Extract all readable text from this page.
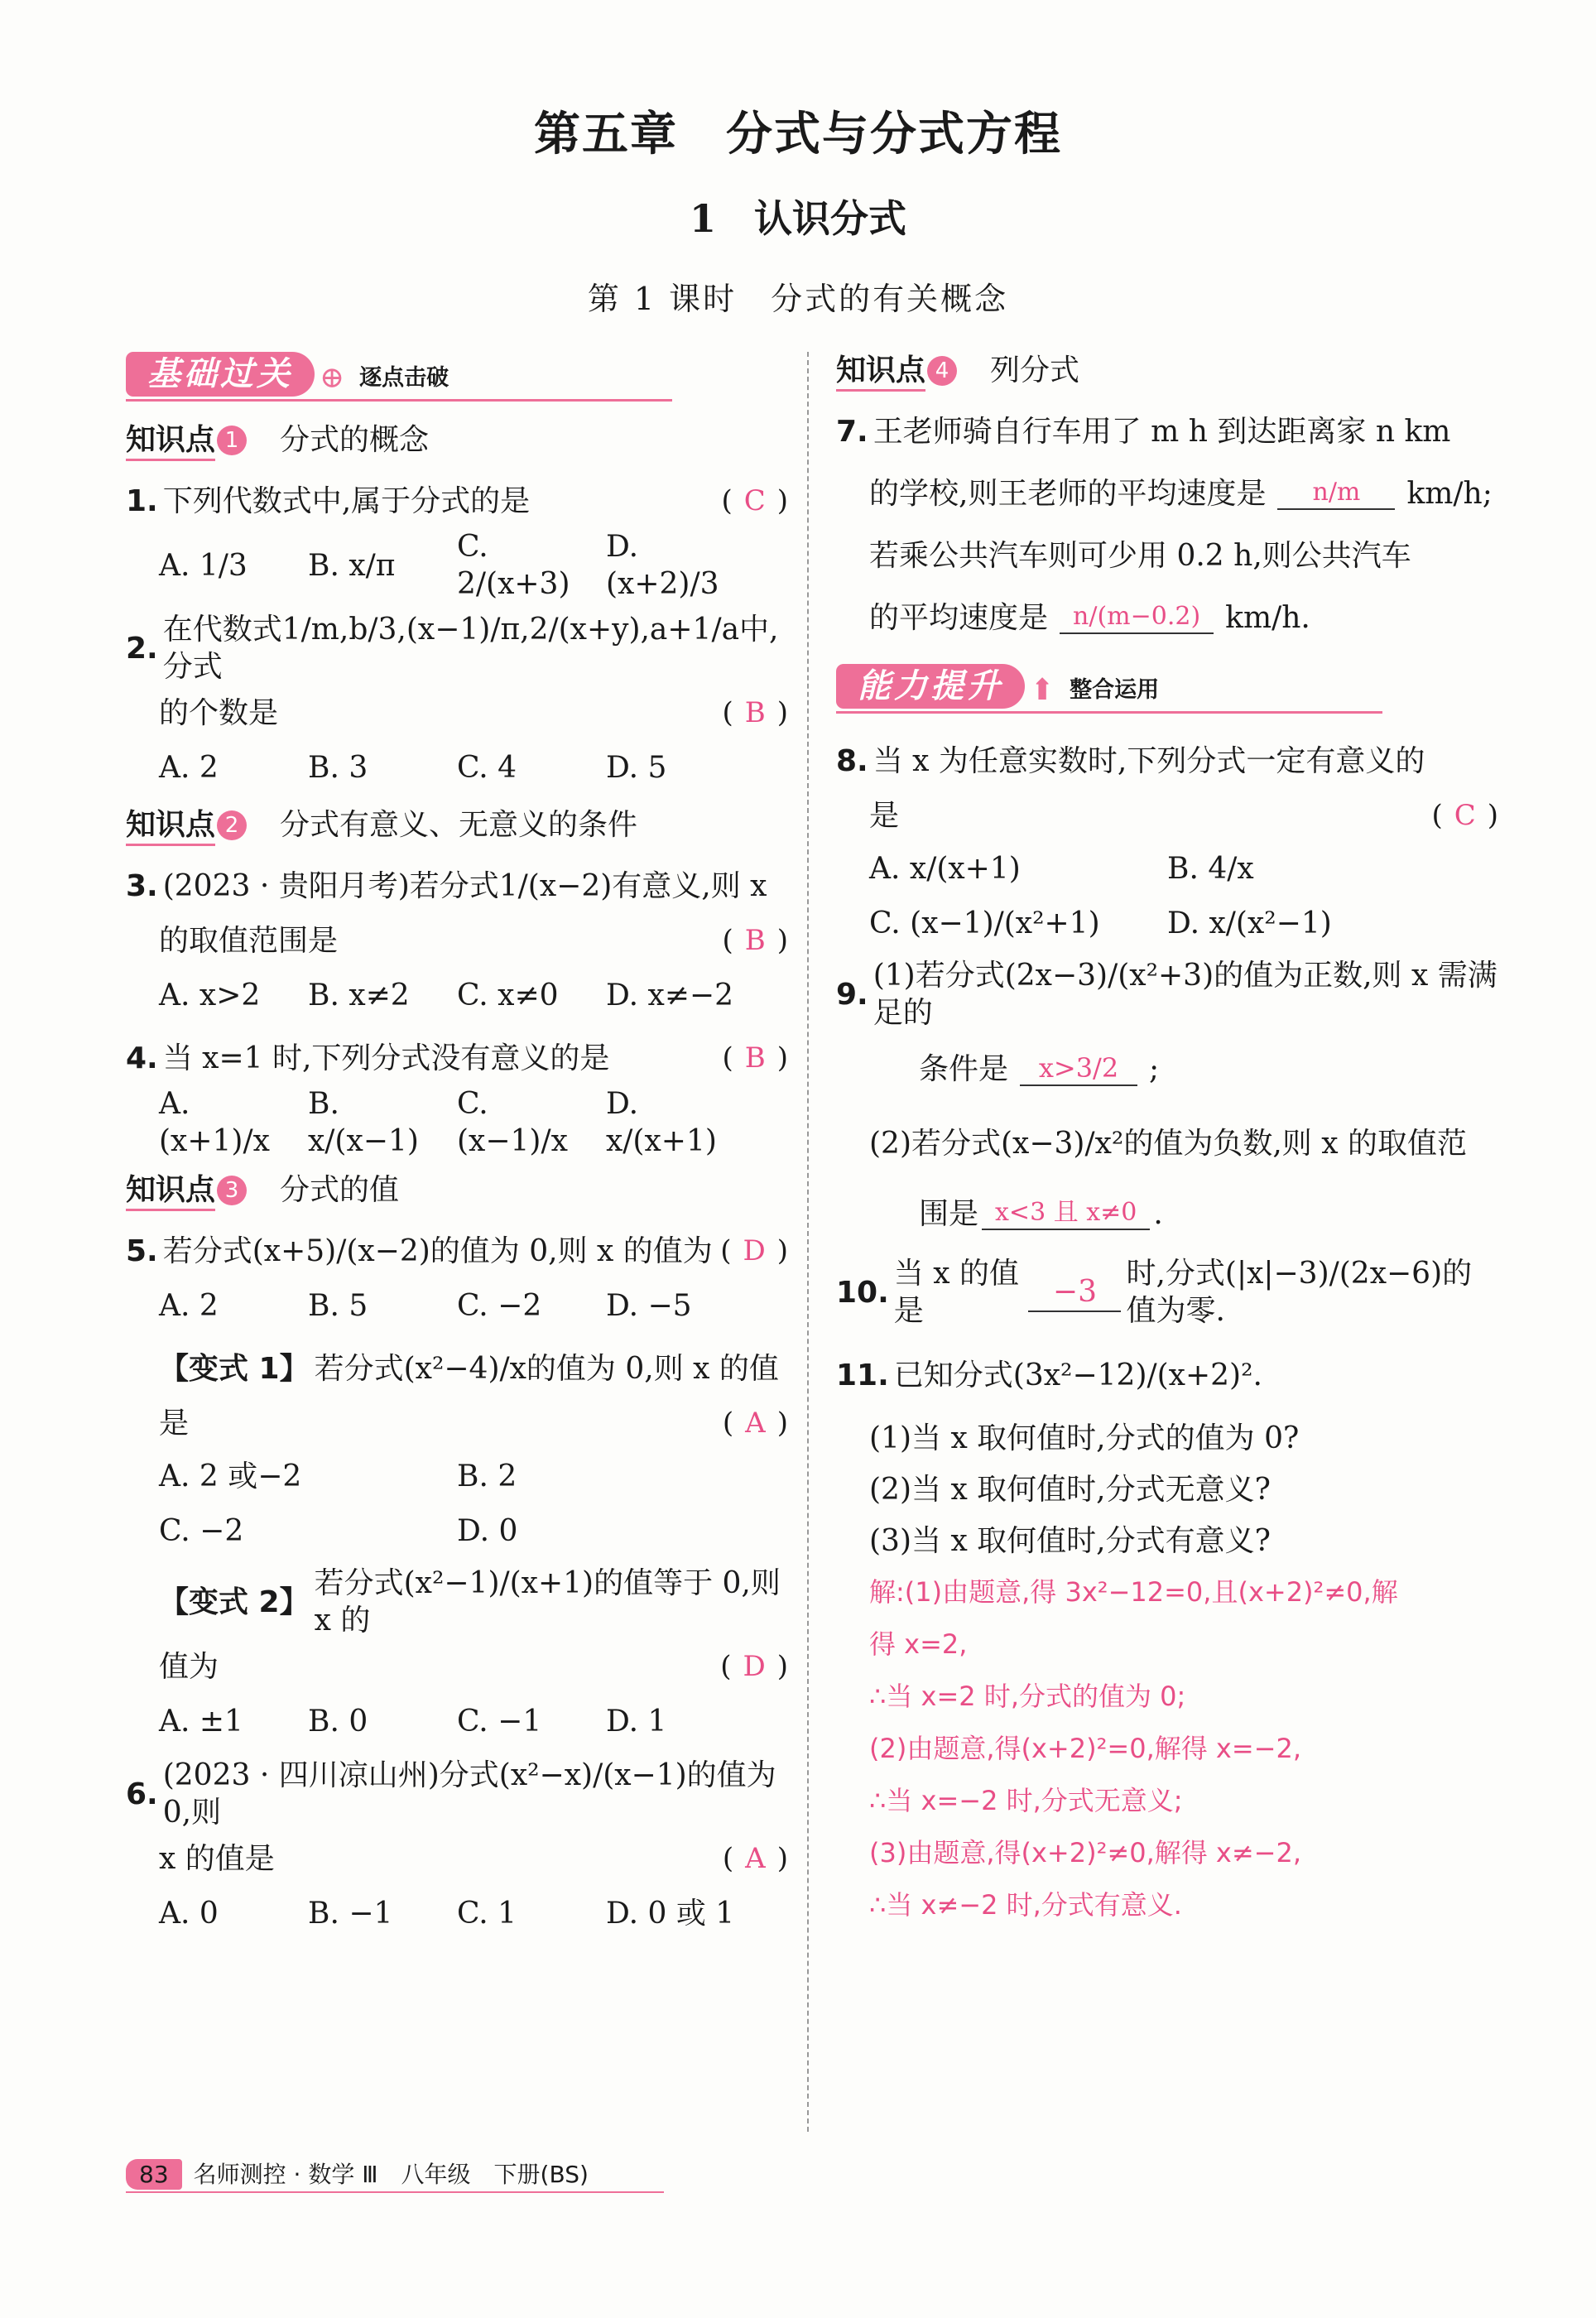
第五章　分式与分式方程
1　认识分式
第 1 课时　分式的有关概念
基础过关 ⊕ 逐点击破
知识点 1 分式的概念
1. 下列代数式中,属于分式的是	( C )
A. 1/3	B. x/π
C. 2/(x+3)
D. (x+2)/3
2.
在代数式1/m,b/3,(x−1)/π,2/(x+y),a+1/a中,分式
的个数是	( B )
A. 2	B. 3	C. 4	D. 5
知识点 2 分式有意义、无意义的条件
3. (2023 · 贵阳月考)若分式1/(x−2)有意义,则 x
的取值范围是	( B )
A. x>2	B. x≠2	C. x≠0	D. x≠−2
4. 当 x=1 时,下列分式没有意义的是	( B )
A. (x+1)/x
B. x/(x−1)
C. (x−1)/x
D. x/(x+1)
知识点 3 分式的值
5. 若分式(x+5)/(x−2)的值为 0,则 x 的值为 ( D )
A. 2	B. 5	C. −2	D. −5
【变式 1】 若分式(x²−4)/x的值为 0,则 x 的值
是	( A )
A. 2 或−2	B. 2
C. −2	D. 0
【变式 2】
若分式(x²−1)/(x+1)的值等于 0,则 x 的
值为	( D )
A. ±1	B. 0	C. −1	D. 1
6.
(2023 · 四川凉山州)分式(x²−x)/(x−1)的值为 0,则
x 的值是	( A )
A. 0	B. −1	C. 1	D. 0 或 1
知识点 4 列分式
7. 王老师骑自行车用了 m h 到达距离家 n km
的学校,则王老师的平均速度是	n/m	km/h;
若乘公共汽车则可少用 0.2 h,则公共汽车
的平均速度是	n/(m−0.2) km/h.
能力提升 ⬆ 整合运用
8. 当 x 为任意实数时,下列分式一定有意义的
是	( C )
A. x/(x+1)	B. 4/x
C. (x−1)/(x²+1)	D. x/(x²−1)
9.
(1)若分式(2x−3)/(x²+3)的值为正数,则 x 需满足的
条件是	x>3/2	;
(2)若分式(x−3)/x²的值为负数,则 x 的取值范
围是 x<3 且 x≠0 .
10.
当 x 的值是
−3
时,分式(|x|−3)/(2x−6)的值为零.
11. 已知分式(3x²−12)/(x+2)².
(1)当 x 取何值时,分式的值为 0?
(2)当 x 取何值时,分式无意义?
(3)当 x 取何值时,分式有意义?
解:(1)由题意,得 3x²−12=0,且(x+2)²≠0,解
得 x=2,
∴当 x=2 时,分式的值为 0;
(2)由题意,得(x+2)²=0,解得 x=−2,
∴当 x=−2 时,分式无意义;
(3)由题意,得(x+2)²≠0,解得 x≠−2,
∴当 x≠−2 时,分式有意义.
83 名师测控 · 数学 Ⅲ　八年级　下册(BS)
